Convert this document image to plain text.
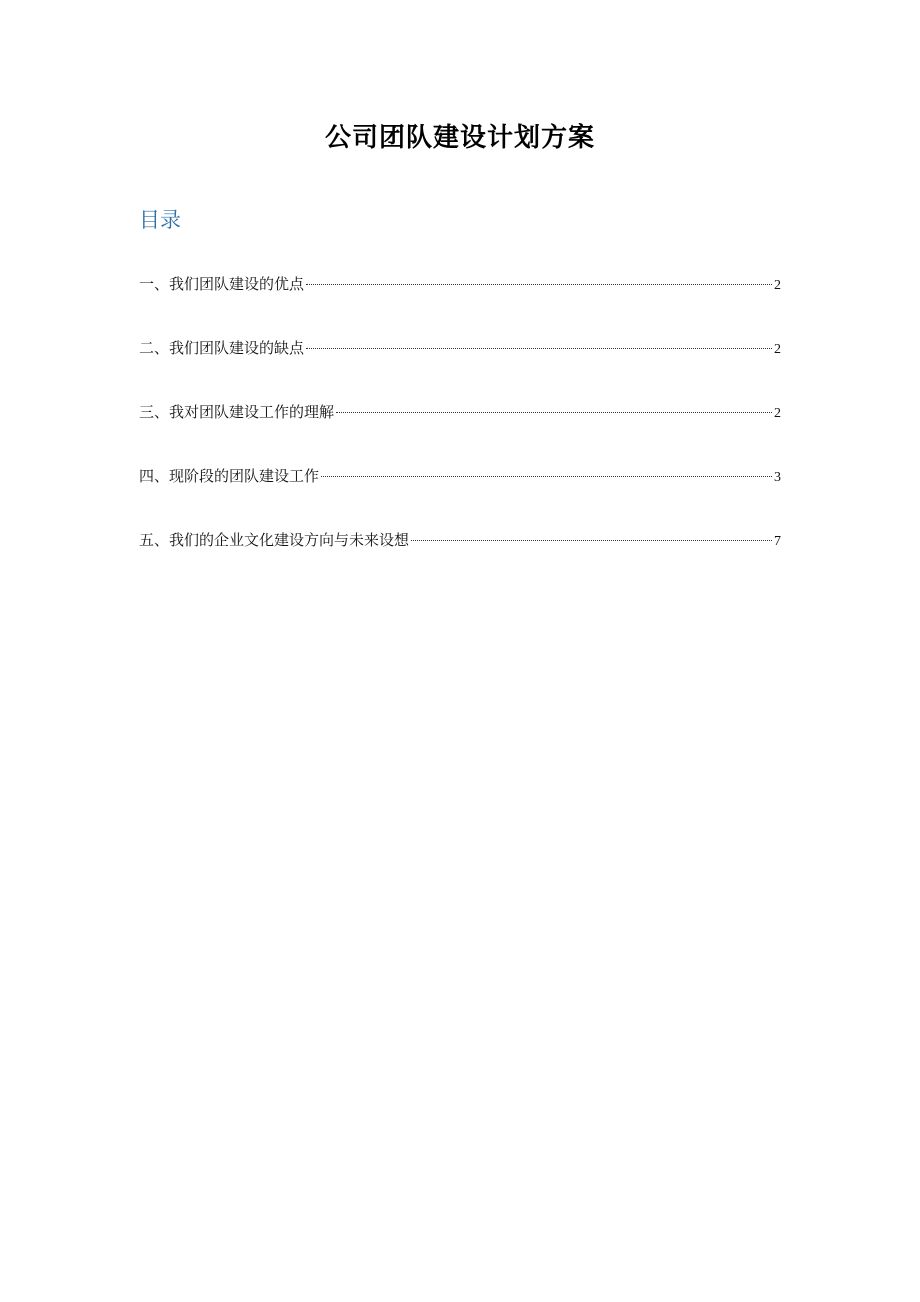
公司团队建设计划方案
目录
一、我们团队建设的优点	2
二、我们团队建设的缺点	2
三、我对团队建设工作的理解	2
四、现阶段的团队建设工作	3
五、我们的企业文化建设方向与未来设想	7
